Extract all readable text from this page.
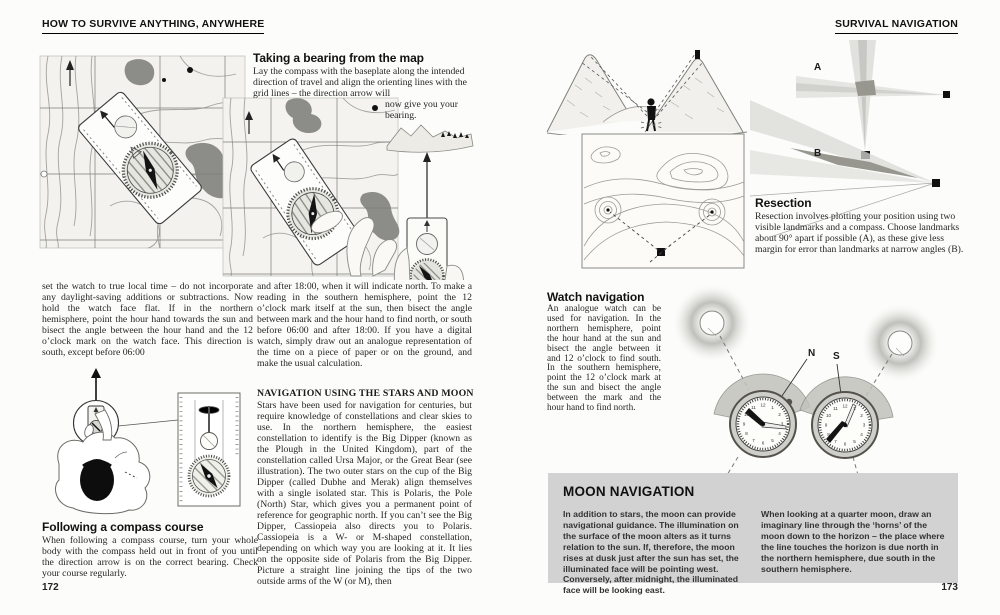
HOW TO SURVIVE ANYTHING, ANYWHERE
Taking a bearing from the map
Lay the compass with the baseplate along the intended direction of travel and align the orienting lines with the grid lines – the direction arrow will
now give you your bearing.
set the watch to true local time – do not incorporate any daylight-saving additions or subtractions. Now hold the watch face flat. If in the northern hemisphere, point the hour hand towards the sun and bisect the angle between the hour hand and the 12 o’clock mark on the watch face. This direction is south, except before 06:00
Following a compass course
When following a compass course, turn your whole body with the compass held out in front of you until the direction arrow is on the correct bearing. Check your course regularly.
172
and after 18:00, when it will indicate north. To make a reading in the southern hemisphere, point the 12 o’clock mark itself at the sun, then bisect the angle between mark and the hour hand to find north, or south before 06:00 and after 18:00. If you have a digital watch, simply draw out an analogue representation of the time on a piece of paper or on the ground, and make the usual calculation.
NAVIGATION USING THE STARS AND MOON
Stars have been used for navigation for centuries, but require knowledge of constellations and clear skies to use. In the northern hemisphere, the easiest constellation to identify is the Big Dipper (known as the Plough in the United Kingdom), part of the constellation called Ursa Major, or the Great Bear (see illustration). The two outer stars on the cup of the Big Dipper (called Dubhe and Merak) align themselves with a single isolated star. This is Polaris, the Pole (North) Star, which gives you a permanent point of reference for geographic north. If you can’t see the Big Dipper, Cassiopeia also directs you to Polaris. Cassiopeia is a W- or M-shaped constellation, depending on which way you are looking at it. It lies on the opposite side of Polaris from the Big Dipper. Picture a straight line joining the tips of the two outside arms of the W (or M), then
SURVIVAL NAVIGATION
A
B
Resection
Resection involves plotting your position using two visible landmarks and a compass. Choose landmarks about 90° apart if possible (A), as these give less margin for error than landmarks at narrow angles (B).
Watch navigation
An analogue watch can be used for navigation. In the northern hemisphere, point the hour hand at the sun and bisect the angle between it and 12 o’clock to find south. In the southern hemisphere, point the 12 o’clock mark at the sun and bisect the angle between the mark and the hour hand to find north.
N S
1
2
3
4
5
6
7
8
9
10
11 12
1
2
3
4
5
6
7
8
9
10
11 12
MOON NAVIGATION
In addition to stars, the moon can provide navigational guidance. The illumination on the surface of the moon alters as it turns relation to the sun. If, therefore, the moon rises at dusk just after the sun has set, the illuminated face will be pointing west. Conversely, after midnight, the illuminated face will be looking east.
When looking at a quarter moon, draw an imaginary line through the ‘horns’ of the moon down to the horizon – the place where the line touches the horizon is due north in the northern hemisphere, due south in the southern hemisphere.
173
